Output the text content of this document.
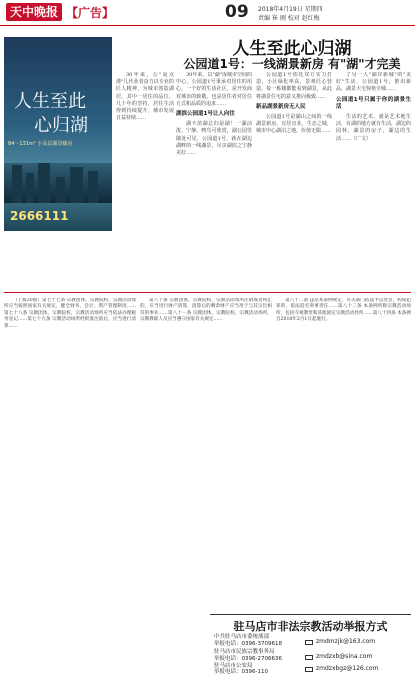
天中晚报 【广告】	09 2018年4月19日 星期四
责编 崔 刚 校对 赵红梅
人生至此
心归湖
84～131m² 小高层湖景瞰房
2666111
人生至此心归湖
公园道1号：一线湖景新房 有"湖"才完美

30年来，公"夏点港"几代业者奋力以专业的匠人精神，为城市创造湖居，其中一居住的品位、几十年的坚持，居住生活得到持续提升，城市发展日益持续……

30年来，以"湖"成城市空间的中心，公园道1号秉承对居住的用心，一个好的生活社区，是开发商对城市的致敬，也是居住者对居住方式和品质的追求……

湖滨公园道1号让人向往

湖不滨湖总归是湖！一湖活泼，宁静、鸭鸟可欣赏，湖公园里随处可见，公园道1号，就在湖边湖畔的一线湖景，尽享湖滨之宁静美好……

公园道1号依托双方实力打造，小区绿化率高、景观匠心营造，每一栋楼都能看到湖景，从此将湖景住宅的意义推向极致……

新品湖景新房无人民

公园道1号是湖山之间的一线湖景新房，宜居宜业，生态之城，城市中心湖泊之地，价值无限……

了另一人"湖岸新城"的"美好"生活，公园道1号，推出新品，湖景大宅惊艳全城……

公园道1号只属于你的湖景生活

生活的艺术，就是艺术地生活，有湖的地方就有生活，湖边的园林，湖景的房子，湖边的生活……（广文）

（上接20版）第七十七条 宗教团体、宗教院校、宗教活动场所应当按照国家有关规定，健全财务、会计、资产管理制度……第七十八条 宗教团体、宗教院校、宗教活动场所应当依法办理税务登记……第七十九条 宗教活动场所经批准注销后，应当进行清算……

第八十条 宗教团体、宗教院校、宗教活动场所注销或者终止的，应当进行财产清算，清算后的剩余财产应当用于与其宗旨相符的事业……第八十一条 宗教团体、宗教院校、宗教活动场所、宗教教职人员应当遵守国家有关规定……

第八十二条 违反本条例规定，有关部门依法予以处罚，构成犯罪的，依法追究刑事责任……第八十三条 本条例所称宗教活动场所，包括寺观教堂和其他固定宗教活动处所……第八十四条 本条例自2018年2月1日起施行。

驻马店市非法宗教活动举报方式
中共驻马店市委统战部
举报电话：0396-3709618	zmdmzjk@163.com
驻马店市民族宗教事务局
举报电话：0396-2706636	zmdzxb@sina.com
驻马店市公安局
举报电话：0396-110	zmdzxbgz@126.com
